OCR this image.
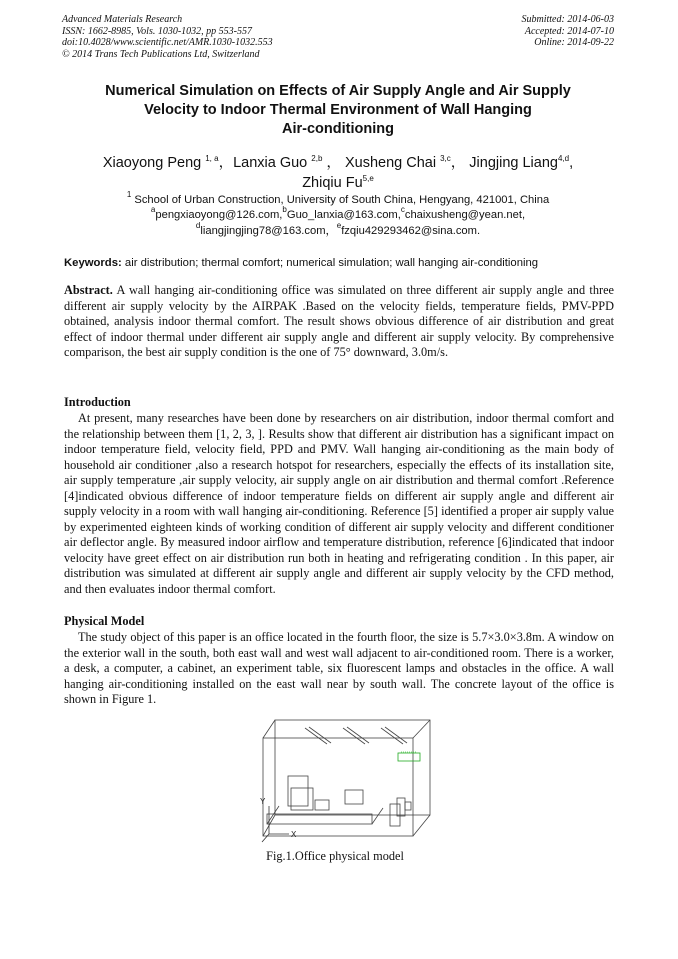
Advanced Materials Research
ISSN: 1662-8985, Vols. 1030-1032, pp 553-557
doi:10.4028/www.scientific.net/AMR.1030-1032.553
© 2014 Trans Tech Publications Ltd, Switzerland
Submitted: 2014-06-03
Accepted: 2014-07-10
Online: 2014-09-22
Numerical Simulation on Effects of Air Supply Angle and Air Supply
Velocity to Indoor Thermal Environment of Wall Hanging
Air-conditioning
Xiaoyong Peng $^{1, a}$，Lanxia Guo $^{2,b}$ ， Xusheng Chai $^{3,c}$， Jingjing Liang$^{4,d}$,
Zhiqiu Fu$^{5,e}$
$^1$ School of Urban Construction, University of South China, Hengyang, 421001, China
$^a$pengxiaoyong@126.com,$^b$Guo_lanxia@163.com,$^c$chaixusheng@yean.net,
$^d$liangjingjing78@163.com，$^e$fzqiu429293462@sina.com.
Keywords: air distribution; thermal comfort; numerical simulation; wall hanging air-conditioning
Abstract. A wall hanging air-conditioning office was simulated on three different air supply angle and three different air supply velocity by the AIRPAK .Based on the velocity fields, temperature fields, PMV-PPD obtained, analysis indoor thermal comfort. The result shows obvious difference of air distribution and great effect of indoor thermal under different air supply angle and different air supply velocity. By comprehensive comparison, the best air supply condition is the one of 75° downward, 3.0m/s.
Introduction
At present, many researches have been done by researchers on air distribution, indoor thermal comfort and the relationship between them [1, 2, 3, ]. Results show that different air distribution has a significant impact on indoor temperature field, velocity field, PPD and PMV. Wall hanging air-conditioning as the main body of household air conditioner ,also a research hotspot for researchers, especially the effects of its installation site, air supply temperature ,air supply velocity, air supply angle on air distribution and thermal comfort .Reference [4]indicated obvious difference of indoor temperature fields on different air supply angle and different air supply velocity in a room with wall hanging air-conditioning. Reference [5] identified a proper air supply value by experimented eighteen kinds of working condition of different air supply velocity and different conditioner air deflector angle. By measured indoor airflow and temperature distribution, reference [6]indicated that indoor velocity have greet effect on air distribution run both in heating and refrigerating condition . In this paper, air distribution was simulated at different air supply angle and different air supply velocity by the CFD method, and then evaluates indoor thermal comfort.
Physical Model
The study object of this paper is an office located in the fourth floor, the size is 5.7×3.0×3.8m. A window on the exterior wall in the south, both east wall and west wall adjacent to air-conditioned room. There is a worker, a desk, a computer, a cabinet, an experiment table, six fluorescent lamps and obstacles in the office. A wall hanging air-conditioning installed on the east wall near by south wall. The concrete layout of the office is shown in Figure 1.
Y
X
Fig.1.Office physical model
